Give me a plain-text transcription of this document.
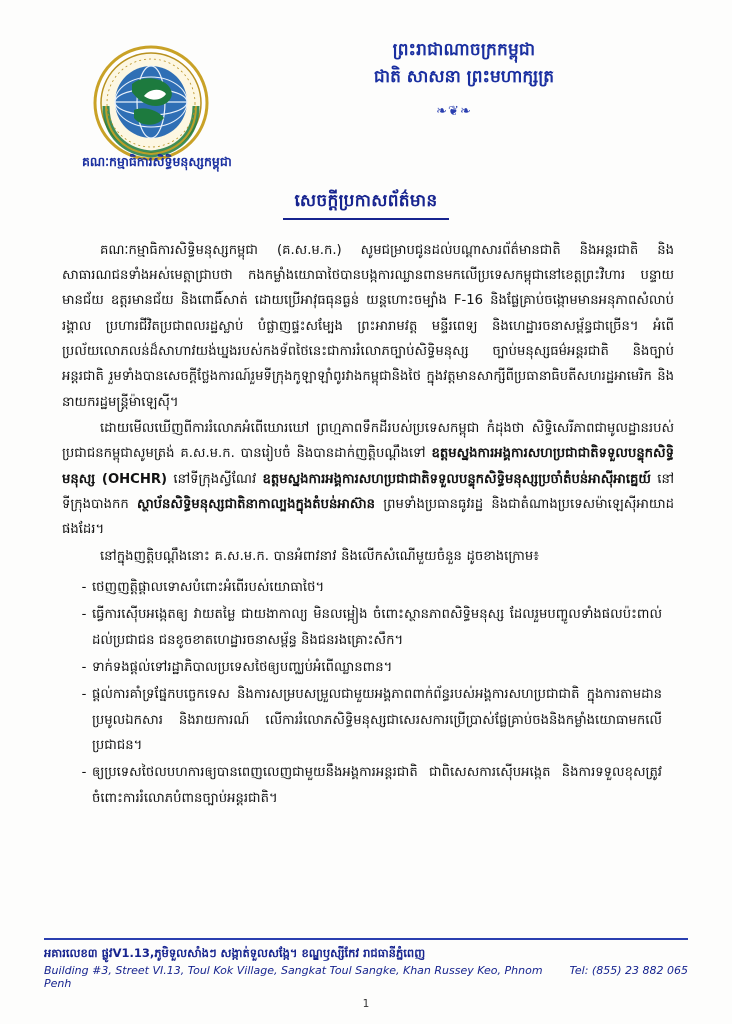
ព្រះរាជាណាចក្រកម្ពុជា
ជាតិ សាសនា ព្រះមហាក្សត្រ
❧❦❧
គណៈកម្មាធិការសិទ្ធិមនុស្សកម្ពុជា
សេចក្ដីប្រកាសព័ត៌មាន

គណៈកម្មាធិការសិទ្ធិមនុស្សកម្ពុជា (គ.ស.ម.ក.) សូមជម្រាបជូនដល់បណ្ដាសារព័ត៌មានជាតិ និងអន្តរជាតិ និងសាធារណជនទាំងអស់មេត្តាជ្រាបថា កងកម្លាំងយោធាថៃបានបង្កការឈ្លានពានមកលើប្រទេសកម្ពុជានៅខេត្តព្រះវិហារ បន្ទាយមានជ័យ ឧត្ដរមានជ័យ និងពោធិ៍សាត់ ដោយប្រើអាវុធធុនធ្ងន់ យន្តហោះចម្បាំង F-16 និងផ្លែគ្រាប់ចង្កោមមានអនុភាពសំលាប់រង្គាល ប្រហារជីវិតប្រជាពលរដ្ឋស្លាប់ បំផ្លាញផ្ទះសម្បែង ព្រះអារាមវត្ត មន្ទីរពេទ្យ និងហេដ្ឋារចនាសម្ព័ន្ធជាច្រើន។ អំពើប្រល័យលោភលន់ដ៏សាហាវយង់ឃ្នងរបស់កងទ័ពថៃនេះជាការរំលោភច្បាប់សិទ្ធិមនុស្ស ច្បាប់មនុស្សធម៌អន្តរជាតិ និងច្បាប់អន្តរជាតិ រួមទាំងបានសេចក្ដីថ្លែងការណ៍រួមទីក្រុងកូឡាឡាំពូរវាងកម្ពុជានិងថៃ ក្នុងវត្តមានសាក្សីពីប្រធានាធិបតីសហរដ្ឋអាមេរិក និងនាយករដ្ឋមន្ត្រីម៉ាឡេស៊ី។

ដោយមើលឃើញពីការរំលោភអំពើឃោរឃៅ ព្រហ្មភាពទឹកដីរបស់ប្រទេសកម្ពុជា កំដុងថា សិទ្ធិសេរីភាពជាមូលដ្ឋានរបស់ប្រជាជនកម្ពុជាសូមត្រង់ គ.ស.ម.ក. បានរៀបចំ និងបានដាក់ញត្តិបណ្ដឹងទៅ ឧត្តមស្នងការអង្គការសហប្រជាជាតិទទួលបន្ទុកសិទ្ធិមនុស្ស (OHCHR) នៅទីក្រុងស្វីណែវ ឧត្តមស្នងការអង្គការសហប្រជាជាតិទទួលបន្ទុកសិទ្ធិមនុស្សប្រចាំតំបន់អាស៊ីអាគ្នេយ៍ នៅទីក្រុងបាងកក ស្ថាប័នសិទ្ធិមនុស្សជាតិនាកាល្បងក្នុងតំបន់អាស៊ាន ព្រមទាំងប្រធានធូវរដ្ឋ និងជាតំណាងប្រទេសម៉ាឡេស៊ីអាយាដផងដែរ។

នៅក្នុងញត្តិបណ្ដឹងនោះ គ.ស.ម.ក. បានអំពាវនាវ និងលើកសំណើមួយចំនួន ដូចខាងក្រោម៖

- ថេញញត្តិផ្ដាលទោសបំពោះអំពើរបស់យោធាថៃ។
- ធ្វើការស៊ើបអង្កេតឲ្យ វាយតម្លៃ ជាយងាកាល្យ មិនលម្អៀង ចំពោះស្ថានភាពសិទ្ធិមនុស្ស ដែលរួមបញ្ចូលទាំងផលប៉ះពាល់ដល់ប្រជាជន ជនខូចខាតហេដ្ឋារចនាសម្ព័ន្ធ និងជនរងគ្រោះសឹក។
- ទាក់ទងផ្ដល់ទៅរដ្ឋាភិបាលប្រទេសថៃឲ្យបញ្ឈប់អំពើឈ្លានពាន។
- ផ្ដល់ការគាំទ្រផ្នែកបច្ចេកទេស និងការសម្របសម្រួលជាមួយអង្គភាពពាក់ព័ន្ធរបស់អង្គការសហប្រជាជាតិ ក្នុងការតាមដាន ប្រមូលឯកសារ និងរាយការណ៍ លើការរំលោភសិទ្ធិមនុស្សជាសេរសការប្រើប្រាស់ផ្លែគ្រាប់ចងនិងកម្លាំងយោធាមកលើប្រជាជន។
- ឲ្យប្រទេសថៃលបហការឲ្យបានពេញលេញជាមួយនឹងអង្គការអន្តរជាតិ ជាពិសេសការស៊ើបអង្កេត និងការទទួលខុសត្រូវចំពោះការរំលោភបំពានច្បាប់អន្តរជាតិ។
អគារលេខ៣ ផ្លូវV1.13,ភូមិទួលសាំងៗ សង្កាត់ទួលសង្កែ។ ខណ្ឌឫស្សីកែវ រាជធានីភ្នំពេញ
Building #3, Street VI.13, Toul Kok Village, Sangkat Toul Sangke, Khan Russey Keo, Phnom Penh
Tel: (855) 23 882 065
1
